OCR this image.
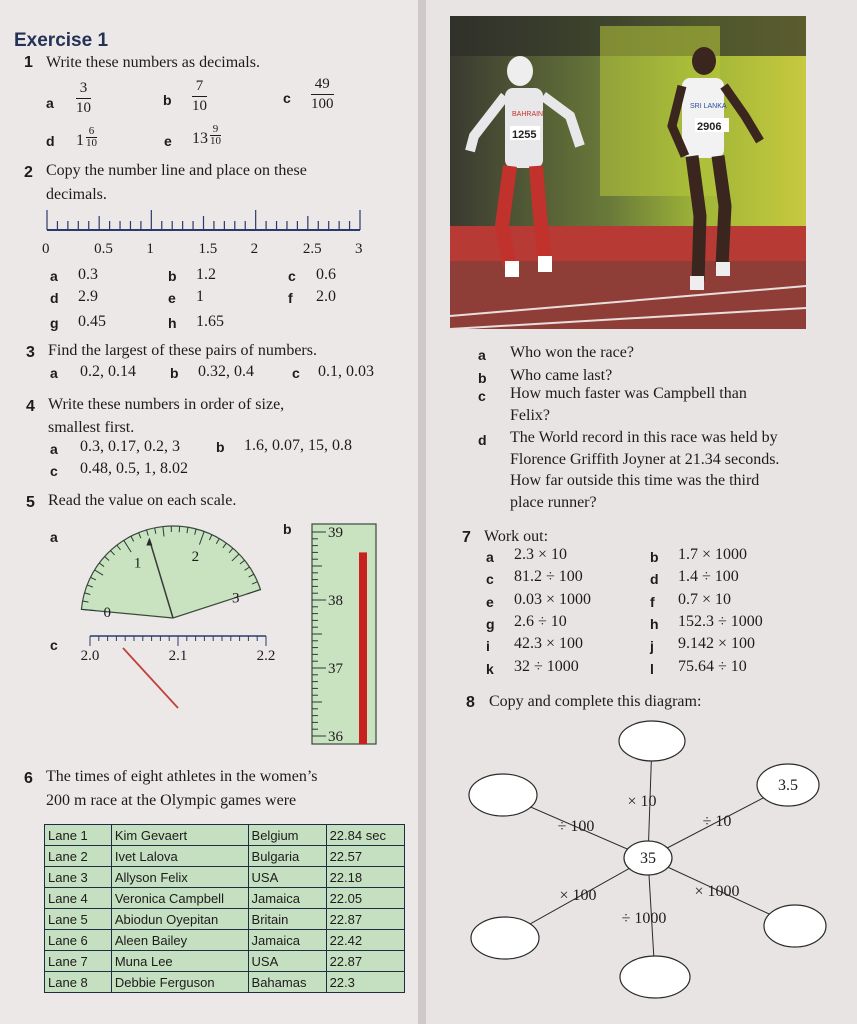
Exercise 1
1 Write these numbers as decimals.
a
3
10	b
7
10	c
49
100
d 1
6
10	e 13
9
10
2 Copy the number line and place on these
decimals.
0	0.5 1	1.5 2	2.5 3
a 0.3	b 1.2	c 0.6
d 2.9	e 1	f 2.0
g 0.45	h 1.65
3 Find the largest of these pairs of numbers.
a 0.2, 0.14 b 0.32, 0.4	c 0.1, 0.03
4 Write these numbers in order of size,
smallest first.
a 0.3, 0.17, 0.2, 3	b 1.6, 0.07, 15, 0.8
c 0.48, 0.5, 1, 8.02
5 Read the value on each scale.
a	b
c
0
1	2
3
2.0	2.1	2.2
39
38
37
36
6 The times of eight athletes in the women’s
200 m race at the Olympic games were
Lane 1	Kim Gevaert	Belgium	22.84 sec
Lane 2	Ivet Lalova	Bulgaria	22.57
Lane 3	Allyson Felix	USA	22.18
Lane 4	Veronica Campbell	Jamaica	22.05
Lane 5	Abiodun Oyepitan	Britain	22.87
Lane 6	Aleen Bailey	Jamaica	22.42
Lane 7	Muna Lee	USA	22.87
Lane 8	Debbie Ferguson	Bahamas	22.3
1255
BAHRAIN
2906
SRI LANKA
a Who won the race?
b Who came last?
c How much faster was Campbell than
Felix?
d The World record in this race was held by
Florence Griffith Joyner at 21.34 seconds.
How far outside this time was the third
place runner?
7 Work out:
a 2.3 × 10	b 1.7 × 1000
c 81.2 ÷ 100	d 1.4 ÷ 100
e 0.03 × 1000	f 0.7 × 10
g 2.6 ÷ 10	h 152.3 ÷ 1000
i 42.3 × 100	j 9.142 × 100
k 32 ÷ 1000	l 75.64 ÷ 10
8 Copy and complete this diagram:
3.5
35
× 10
÷ 100	÷ 10
× 100	× 1000
÷ 1000
